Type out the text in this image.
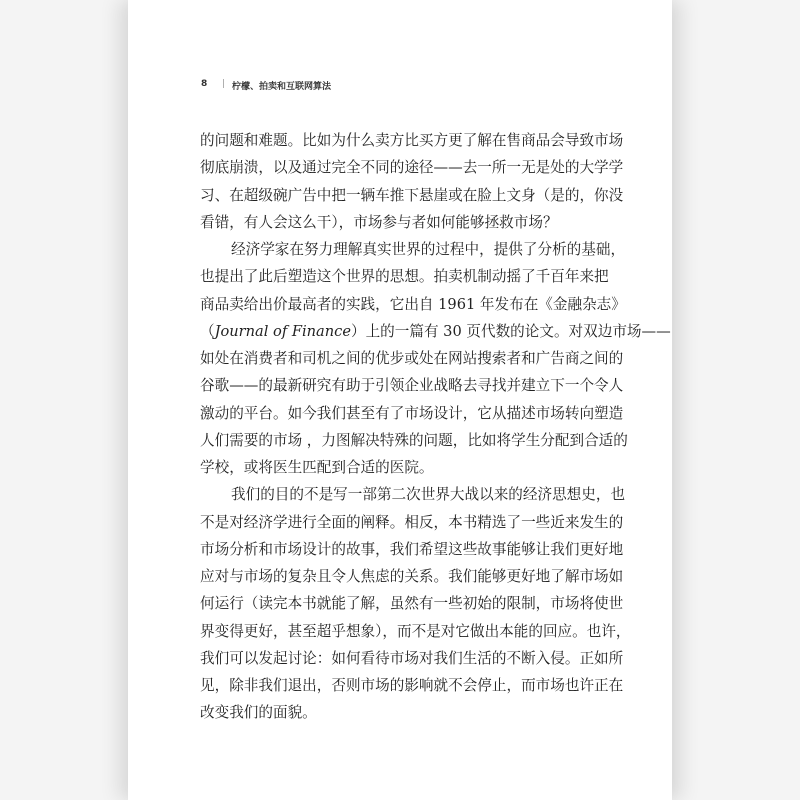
8 | 柠檬、拍卖和互联网算法
的问题和难题。比如为什么卖方比买方更了解在售商品会导致市场
彻底崩溃，以及通过完全不同的途径——去一所一无是处的大学学
习、在超级碗广告中把一辆车推下悬崖或在脸上文身（是的，你没
看错，有人会这么干），市场参与者如何能够拯救市场？
经济学家在努力理解真实世界的过程中，提供了分析的基础，
也提出了此后塑造这个世界的思想。拍卖机制动摇了千百年来把
商品卖给出价最高者的实践，它出自 1961 年发布在《金融杂志》
（Journal of Finance）上的一篇有 30 页代数的论文。对双边市场——
如处在消费者和司机之间的优步或处在网站搜索者和广告商之间的
谷歌——的最新研究有助于引领企业战略去寻找并建立下一个令人
激动的平台。如今我们甚至有了市场设计，它从描述市场转向塑造
人们需要的市场 ，力图解决特殊的问题，比如将学生分配到合适的
学校，或将医生匹配到合适的医院。
我们的目的不是写一部第二次世界大战以来的经济思想史，也
不是对经济学进行全面的阐释。相反，本书精选了一些近来发生的
市场分析和市场设计的故事，我们希望这些故事能够让我们更好地
应对与市场的复杂且令人焦虑的关系。我们能够更好地了解市场如
何运行（读完本书就能了解，虽然有一些初始的限制，市场将使世
界变得更好，甚至超乎想象），而不是对它做出本能的回应。也许，
我们可以发起讨论：如何看待市场对我们生活的不断入侵。正如所
见，除非我们退出，否则市场的影响就不会停止，而市场也许正在
改变我们的面貌。
